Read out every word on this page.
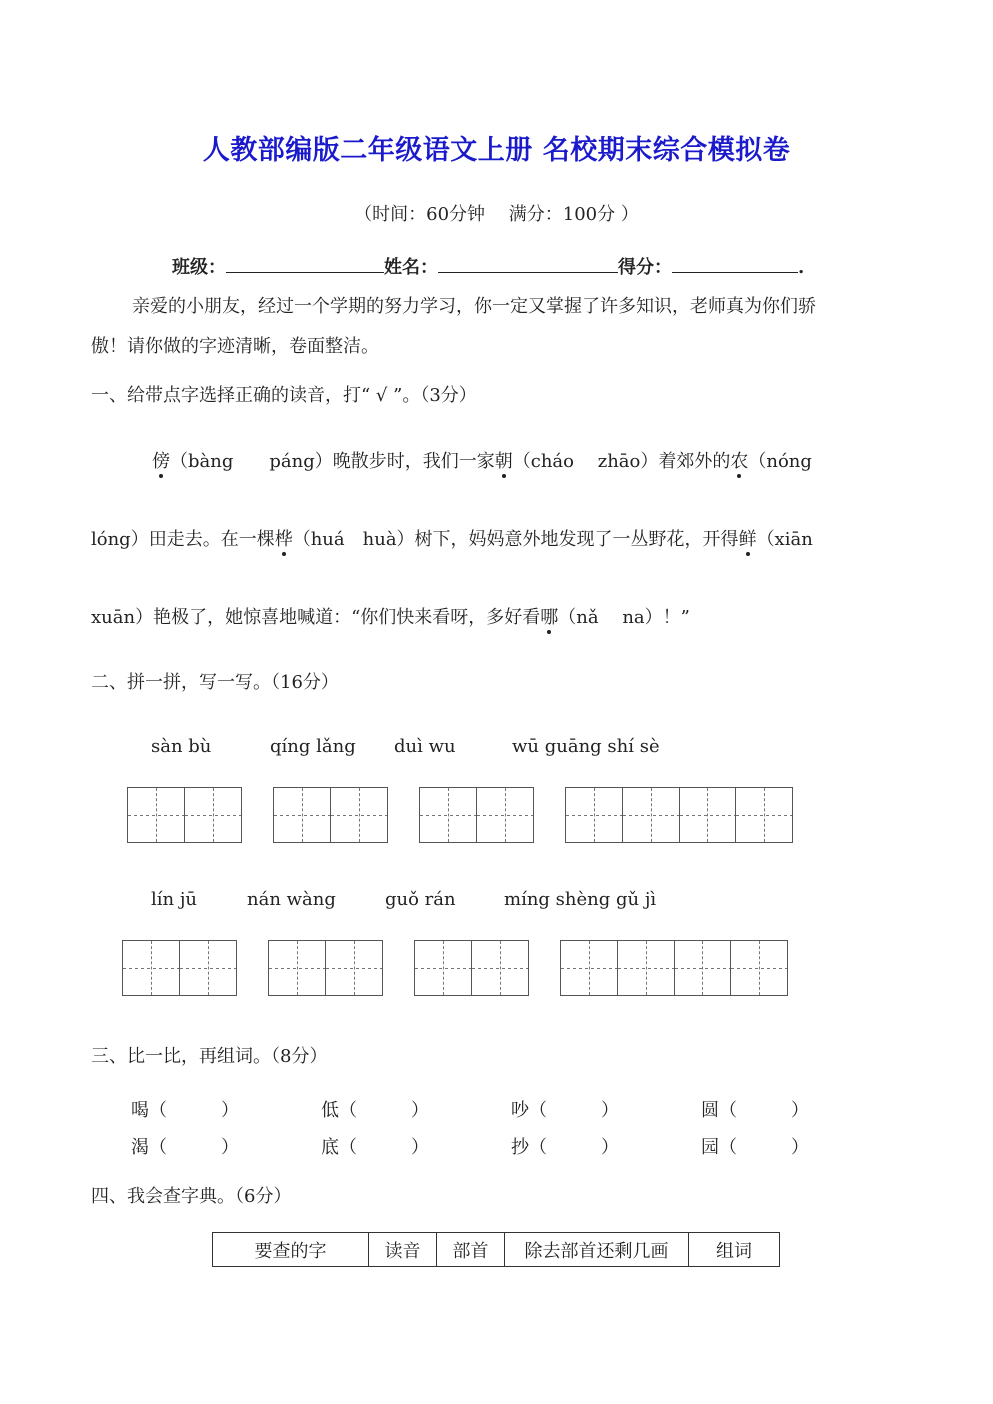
人教部编版二年级语文上册 名校期末综合模拟卷
（时间：60分钟　 满分：100分 ）
班级：	姓名：	得分：	.
亲爱的小朋友，经过一个学期的努力学习，你一定又掌握了许多知识，老师真为你们骄
傲！请你做的字迹清晰，卷面整洁。
一、给带点字选择正确的读音，打“ √ ”。（3分）
傍（bàng　　páng）晚散步时，我们一家朝（cháo　 zhāo）着郊外的农（nóng
lóng）田走去。在一棵桦（huá　huà）树下，妈妈意外地发现了一丛野花，开得鲜（xiān
xuān）艳极了，她惊喜地喊道：“你们快来看呀，多好看哪（nǎ　 na）！”
二、拼一拼，写一写。（16分）
sàn bù	qíng lǎng duì wu	wū guāng shí sè
lín jū	nán wàng	guǒ rán	míng shèng gǔ jì
三、比一比，再组词。（8分）
喝（　　　）	低（　　　）	吵（　　　）	圆（　　　）
渴（　　　）	底（　　　）	抄（　　　）	园（　　　）
四、我会查字典。（6分）
要查的字	读音	部首	除去部首还剩几画	组词
